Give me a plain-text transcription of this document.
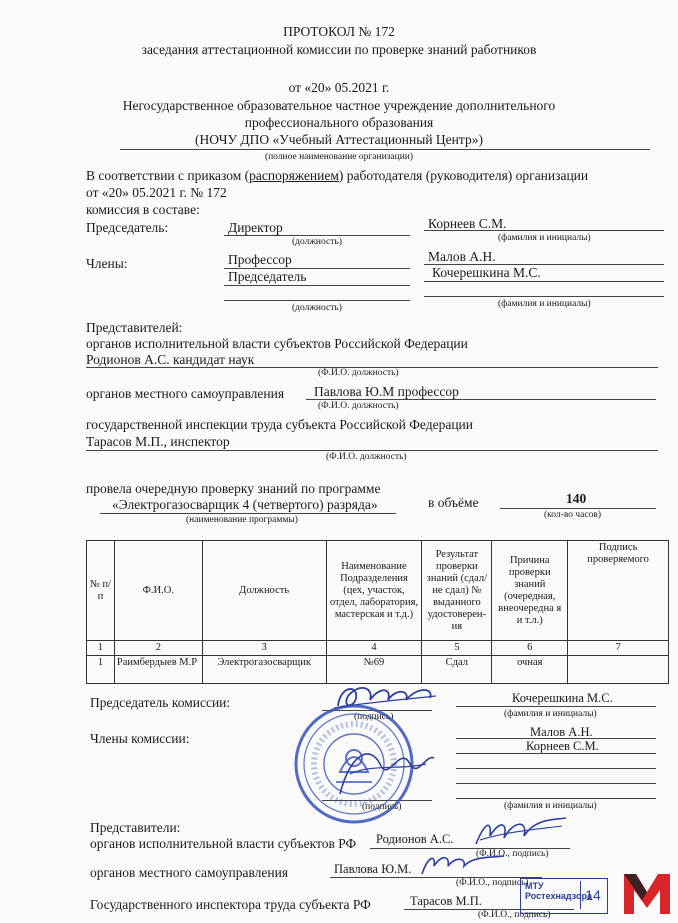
ПРОТОКОЛ № 172
заседания аттестационной комиссии по проверке знаний работников
от «20» 05.2021 г.
Негосударственное образовательное частное учреждение дополнительного
профессионального образования
(НОЧУ ДПО «Учебный Аттестационный Центр»)
(полное наименование организации)
В соответствии с приказом (распоряжением) работодателя (руководителя) организации
от «20» 05.2021 г. № 172
комиссия в составе:
Председатель:	Директор	Корнеев С.М.
(должность)	(фамилия и инициалы)
Члены:	Профессор	Малов А.Н.
Председатель	Кочерешкина М.С.
(должность)	(фамилия и инициалы)
Представителей:
органов исполнительной власти субъектов Российской Федерации
Родионов А.С. кандидат наук
(Ф.И.О. должность)
органов местного самоуправления Павлова Ю.М профессор
(Ф.И.О. должность)
государственной инспекции труда субъекта Российской Федерации
Тарасов М.П., инспектор
(Ф.И.О. должность)
провела очередную проверку знаний по программе
«Электрогазосварщик 4 (четвертого) разряда»
(наименование программы)
в объёме	140
(кол-во часов)
№ п/п	Ф.И.О.	Должность	Наименование Подразделения (цех, участок, отдел, лаборатория, мастерская и т.д.)	Результат проверки знаний (сдал/не сдал) № выданного удостоверен-ия	Причина проверки знаний (очередная, внеочередна я и т.л.)	Подпись проверяемого
1	2	3	4	5	6	7
1	Раимбердыев М.Р	Электрогазосварщик	№69	Сдал	очная	
Председатель комиссии:
(подпись)
Кочерешкина М.С.
(фамилия и инициалы)
Члены комиссии:	Малов А.Н.
Корнеев С.М.
(подпись)	(фамилия и инициалы)
Представители:
органов исполнительной власти субъектов РФ Родионов А.С.
(Ф.И.О., подпись)
органов местного самоуправления	Павлова Ю.М.
(Ф.И.О., подпись)
Государственного инспектора труда субъекта РФ	Тарасов М.П.
(Ф.И.О., подпись)
МТУ Ростехнадзора
14
